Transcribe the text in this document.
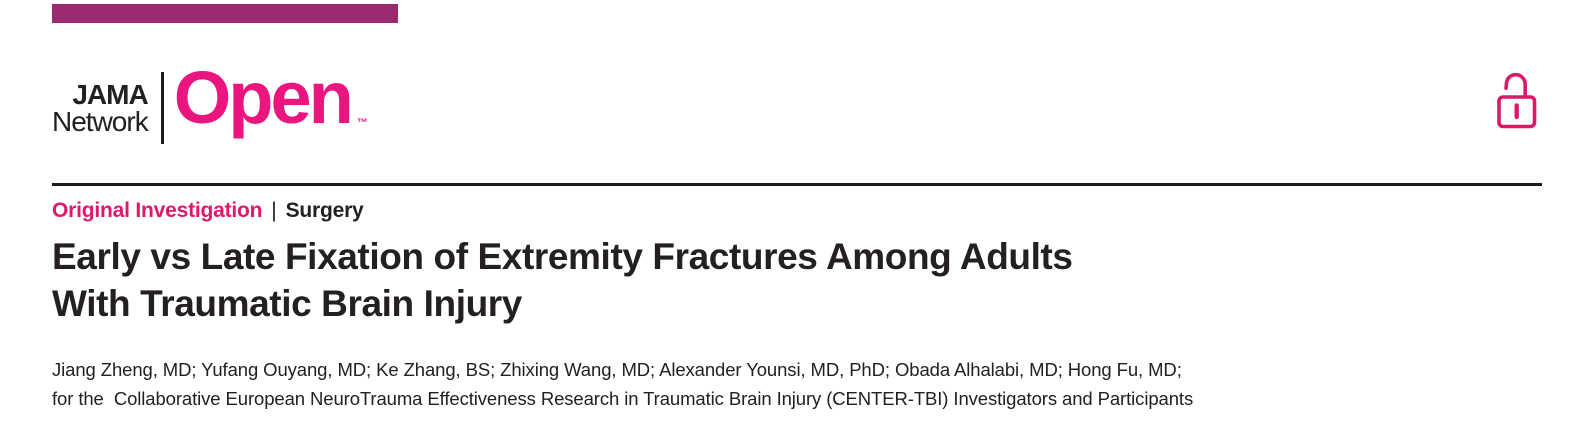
JAMA
Network Open ™
Original Investigation | Surgery
Early vs Late Fixation of Extremity Fractures Among Adults
With Traumatic Brain Injury

Jiang Zheng, MD; Yufang Ouyang, MD; Ke Zhang, BS; Zhixing Wang, MD; Alexander Younsi, MD, PhD; Obada Alhalabi, MD; Hong Fu, MD;
for the  Collaborative European NeuroTrauma Effectiveness Research in Traumatic Brain Injury (CENTER-TBI) Investigators and Participants
